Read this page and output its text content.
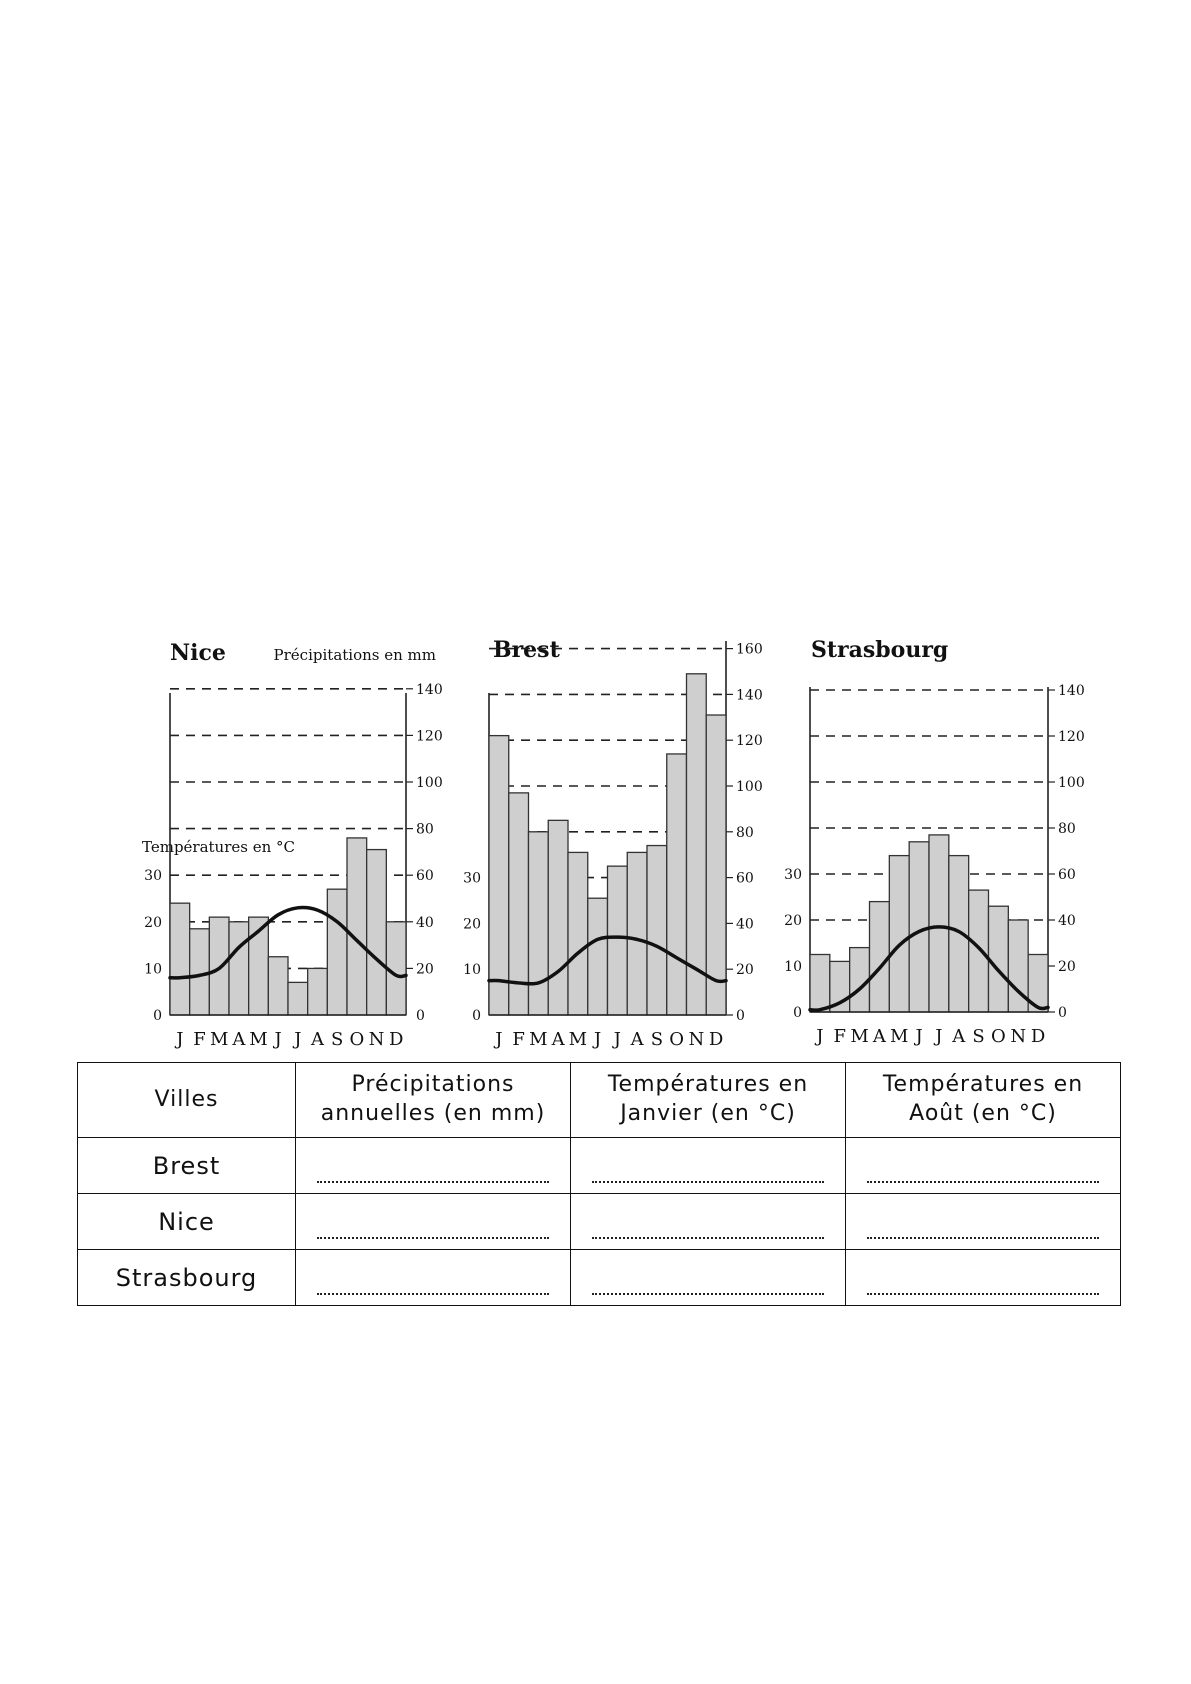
Nice	Précipitations en mm
Températures en °C
20
40
60
80
100
120
140
0
0
10
20
30
J F M A M J J A S O N D
Brest
0
20
40
60
80
100
120
140
160
0
10
20
30
J F M A M J J A S O N D
Strasbourg
0
20
40
60
80
100
120
140
0
10
20
30
J F M A M J J A S O N D
Villes	Précipitations annuelles (en mm)	Températures en Janvier (en °C)	Températures en Août (en °C)
Brest			
Nice			
Strasbourg			
